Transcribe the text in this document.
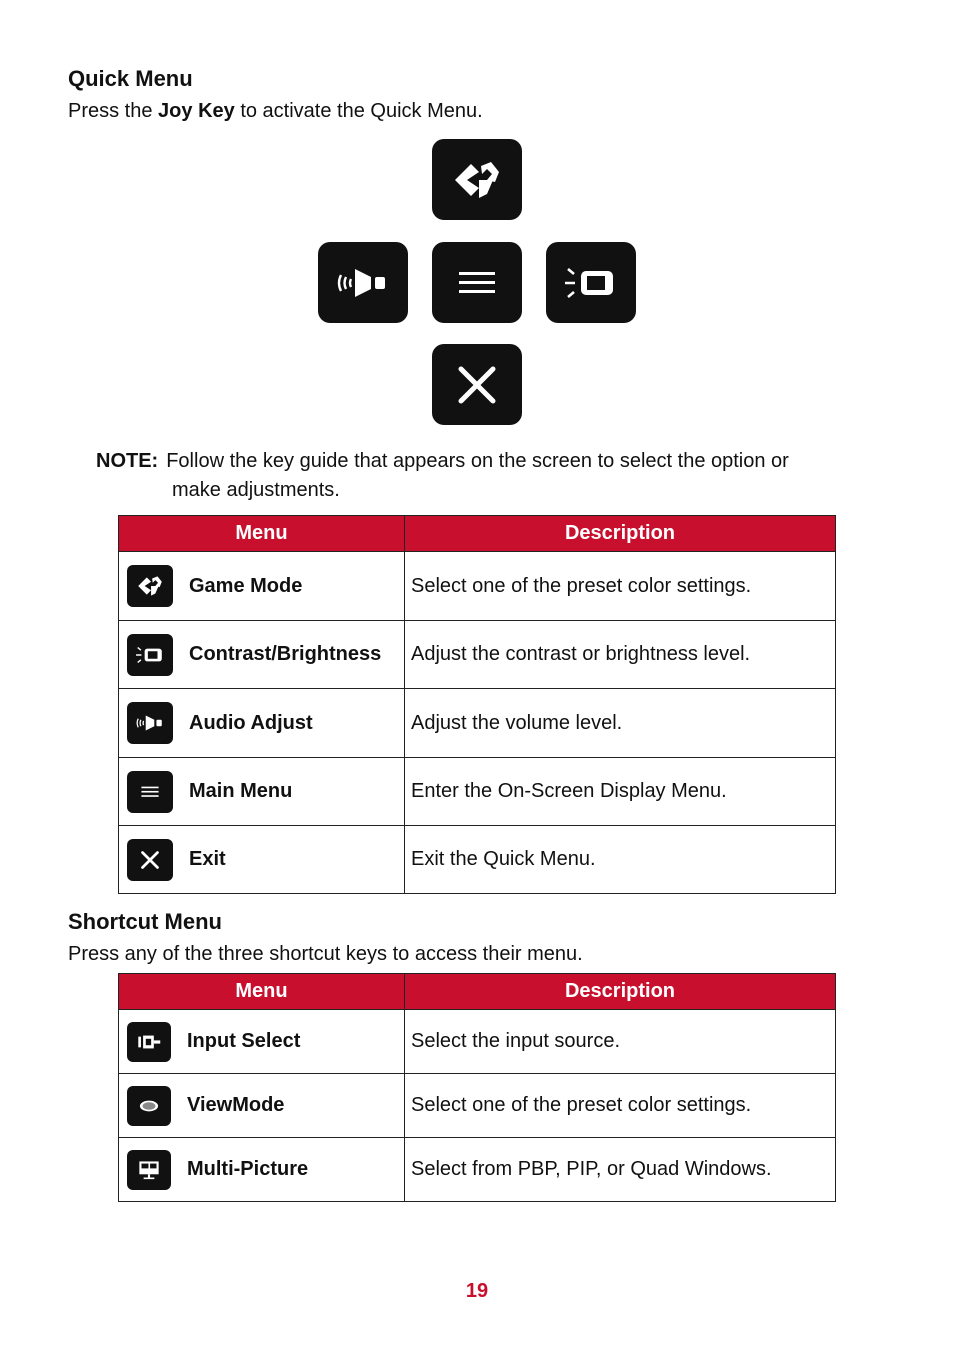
Quick Menu
Press the Joy Key to activate the Quick Menu.
NOTE: Follow the key guide that appears on the screen to select the option or
make adjustments.
Menu	Description

Game Mode	Select one of the preset color settings.

Contrast/Brightness	Adjust the contrast or brightness level.

Audio Adjust	Adjust the volume level.

Main Menu	Enter the On-Screen Display Menu.

Exit	Exit the Quick Menu.
Shortcut Menu
Press any of the three shortcut keys to access their menu.
Menu	Description

Input Select	Select the input source.

ViewMode	Select one of the preset color settings.

Multi-Picture	Select from PBP, PIP, or Quad Windows.
19
